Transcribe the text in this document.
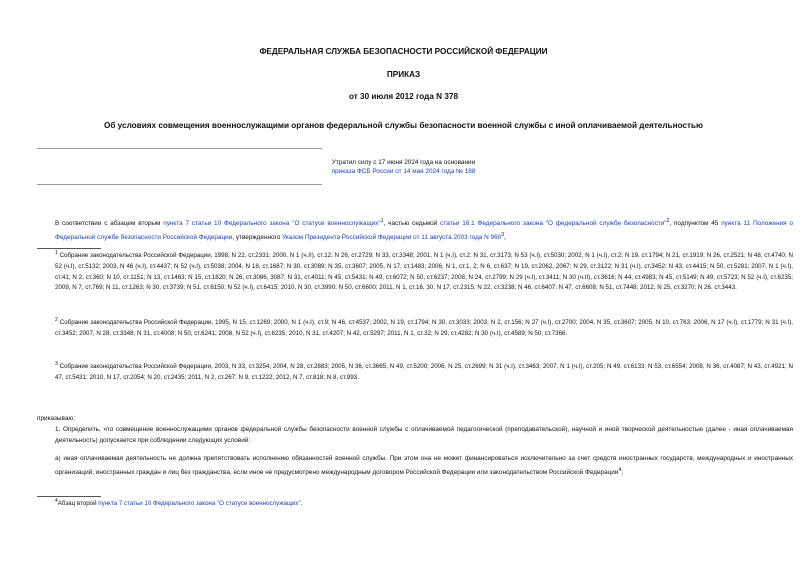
ФЕДЕРАЛЬНАЯ СЛУЖБА БЕЗОПАСНОСТИ РОССИЙСКОЙ ФЕДЕРАЦИИ
ПРИКАЗ
от 30 июля 2012 года N 378
Об условиях совмещения военнослужащими органов федеральной службы безопасности военной службы с иной оплачиваемой деятельностью
Утратил силу с 17 июня 2024 года на основании
приказа ФСБ России от 14 мая 2024 года № 188

В соответствии с абзацем вторым пункта 7 статьи 10 Федерального закона "О статусе военнослужащих"$^1$, частью седьмой статьи 16.1 Федерального закона "О федеральной службе безопасности"$^2$, подпунктом 45 пункта 11 Положения о Федеральной службе безопасности Российской Федерации, утвержденного Указом Президента Российской Федерации от 11 августа 2003 года N $960^3$,

$^1$ Собрание законодательства Российской Федерации, 1998, N 22, ст.2331; 2000, N 1 (ч.II), ст.12; N 26, ст.2729; N 33, ст.3348; 2001, N 1 (ч.I), ст.2; N 31, ст.3173; N 53 (ч.I), ст.5030; 2002, N 1 (ч.I), ст.2; N 19, ст.1794; N 21, ст.1919; N 26, ст.2521; N 48, ст.4740; N 52 (ч.I), ст.5132; 2003, N 46 (ч.I), ст.4437; N 52 (ч.I), ст.5038; 2004, N 18, ст.1687; N 30, ст.3089; N 35, ст.3607; 2005, N 17, ст.1483; 2006, N 1, ст.1, 2; N 6, ст.637; N 19, ст.2062, 2067; N 29, ст.3122; N 31 (ч.I), ст.3452; N 43, ст.4415; N 50, ст.5281; 2007, N 1 (ч.I), ст.41; N 2, ст.360; N 10, ст.1151; N 13, ст.1463; N 15, ст.1820; N 26, ст.3086, 3087; N 31, ст.4011; N 45, ст.5431; N 49, ст.6072; N 50, ст.6237; 2008, N 24, ст.2799; N 29 (ч.I), ст.3411; N 30 (ч.II), ст.3616; N 44, ст.4983; N 45, ст.5149; N 49, ст.5723; N 52 (ч.I), ст.6235; 2009, N 7, ст.769; N 11, ст.1263; N 30, ст.3739; N 51, ст.6150; N 52 (ч.I), ст.6415; 2010, N 30, ст.3990; N 50, ст.6600; 2011, N 1, ст.16, 30; N 17, ст.2315; N 22, ст.3238; N 46, ст.6407; N 47, ст.6608; N 51, ст.7448; 2012, N 25, ст.3270; N 26, ст.3443.

$^2$ Собрание законодательства Российской Федерации, 1995, N 15, ст.1269; 2000, N 1 (ч.I), ст.9; N 46, ст.4537; 2002, N 19, ст.1794; N 30, ст.3033; 2003, N 2, ст.156; N 27 (ч.I), ст.2700; 2004, N 35, ст.3607; 2005, N 10, ст.763; 2006, N 17 (ч.I), ст.1779; N 31 (ч.I), ст.3452; 2007, N 28, ст.3348; N 31, ст.4008; N 50, ст.6241; 2008, N 52 (ч.I), ст.6235; 2010, N 31, ст.4207; N 42, ст.5297; 2011, N 1, ст.32; N 29, ст.4282; N 30 (ч.I), ст.4589; N 50, ст.7366.

$^3$ Собрание законодательства Российской Федерации, 2003, N 33, ст.3254; 2004, N 28, ст.2883; 2005, N 36, ст.3665, N 49, ст.5200; 2006, N 25, ст.2699; N 31 (ч.I), ст.3463; 2007, N 1 (ч.I), ст.205; N 49, ст.6133; N 53, ст.6554; 2008, N 36, ст.4087; N 43, ст.4921; N 47, ст.5431; 2010, N 17, ст.2054; N 20, ст.2435; 2011, N 2, ст.267; N 9, ст.1222; 2012, N 7, ст.818; N 8, ст.993.

приказываю:

1. Определить, что совмещение военнослужащими органов федеральной службы безопасности военной службы с оплачиваемой педагогической (преподавательской), научной и иной творческой деятельностью (далее - иная оплачиваемая деятельность) допускается при соблюдении следующих условий:

а) иная оплачиваемая деятельность не должна препятствовать исполнению обязанностей военной службы. При этом она не может финансироваться исключительно за счет средств иностранных государств, международных и иностранных организаций, иностранных граждан и лиц без гражданства, если иное не предусмотрено международным договором Российской Федерации или законодательством Российской Федерации$^4$;

$^4$Абзац второй пункта 7 статьи 10 Федерального закона "О статусе военнослужащих".
